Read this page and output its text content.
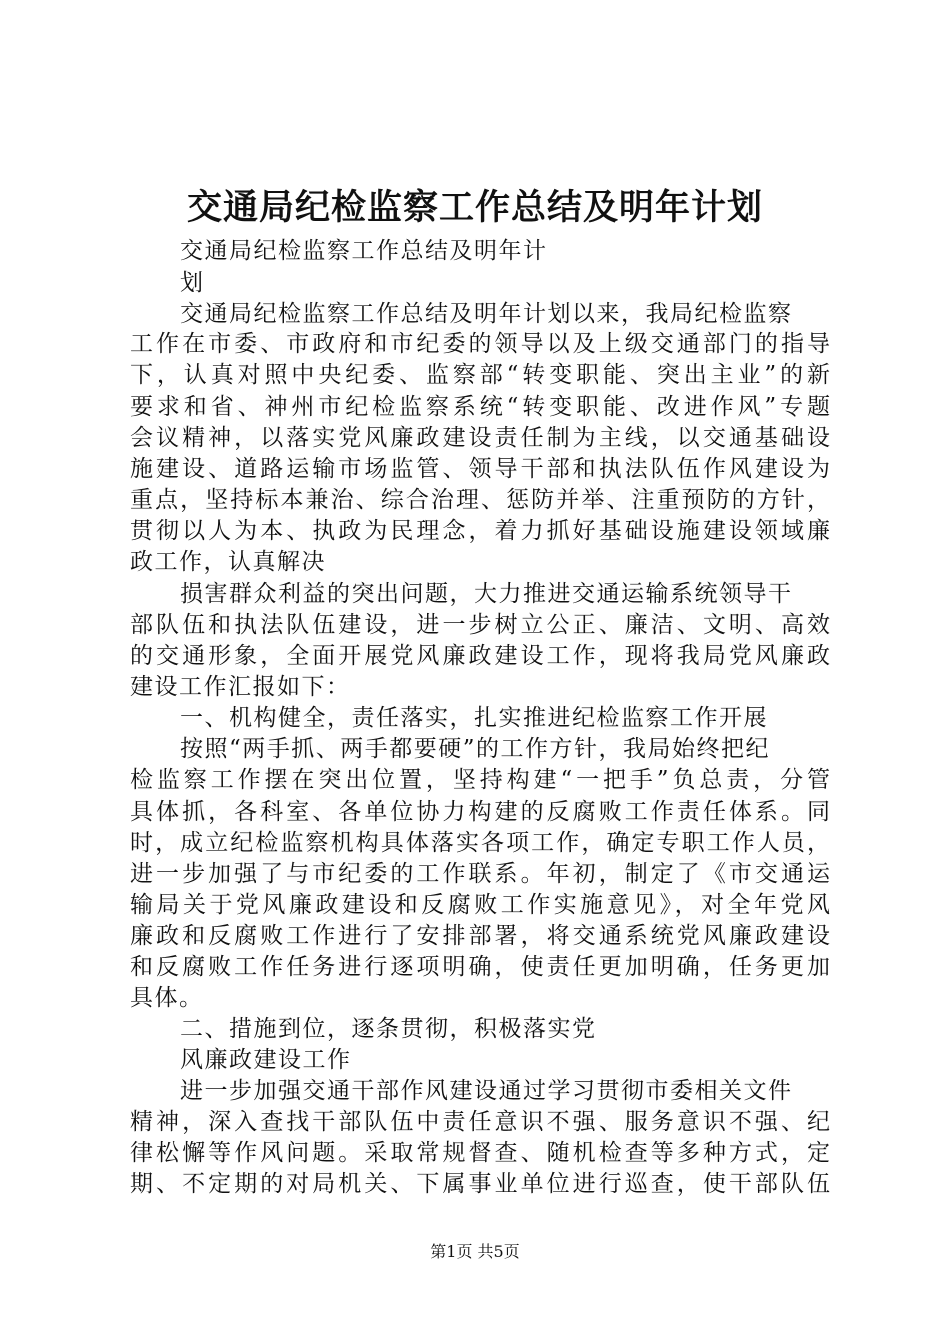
交通局纪检监察工作总结及明年计划
交通局纪检监察工作总结及明年计
划
交通局纪检监察工作总结及明年计划以来，我局纪检监察
工作在市委、市政府和市纪委的领导以及上级交通部门的指导
下，认真对照中央纪委、监察部“转变职能、突出主业”的新
要求和省、神州市纪检监察系统“转变职能、改进作风”专题
会议精神，以落实党风廉政建设责任制为主线，以交通基础设
施建设、道路运输市场监管、领导干部和执法队伍作风建设为
重点，坚持标本兼治、综合治理、惩防并举、注重预防的方针，
贯彻以人为本、执政为民理念，着力抓好基础设施建设领域廉
政工作，认真解决
损害群众利益的突出问题，大力推进交通运输系统领导干
部队伍和执法队伍建设，进一步树立公正、廉洁、文明、高效
的交通形象，全面开展党风廉政建设工作，现将我局党风廉政
建设工作汇报如下：
一、机构健全，责任落实，扎实推进纪检监察工作开展
按照“两手抓、两手都要硬”的工作方针，我局始终把纪
检监察工作摆在突出位置，坚持构建“一把手”负总责，分管
具体抓，各科室、各单位协力构建的反腐败工作责任体系。同
时，成立纪检监察机构具体落实各项工作，确定专职工作人员，
进一步加强了与市纪委的工作联系。年初，制定了《市交通运
输局关于党风廉政建设和反腐败工作实施意见》，对全年党风
廉政和反腐败工作进行了安排部署，将交通系统党风廉政建设
和反腐败工作任务进行逐项明确，使责任更加明确，任务更加
具体。
二、措施到位，逐条贯彻，积极落实党
风廉政建设工作
进一步加强交通干部作风建设通过学习贯彻市委相关文件
精神，深入查找干部队伍中责任意识不强、服务意识不强、纪
律松懈等作风问题。采取常规督查、随机检查等多种方式，定
期、不定期的对局机关、下属事业单位进行巡查，使干部队伍
第1页 共5页
